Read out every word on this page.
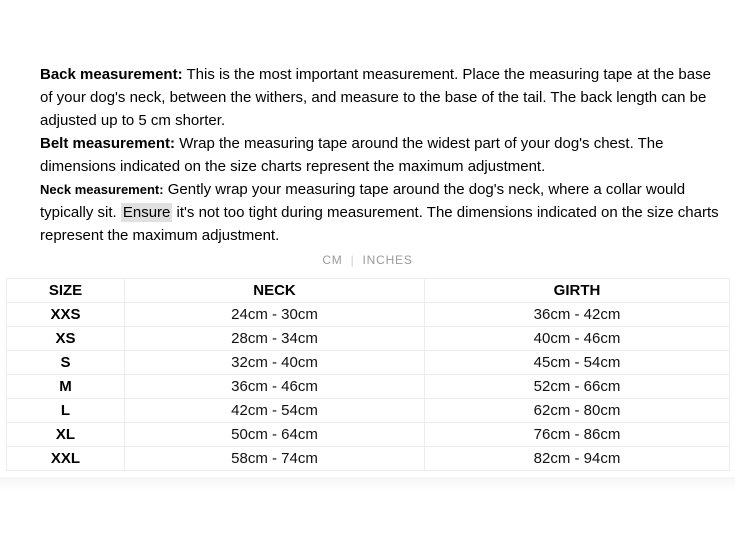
Back measurement: This is the most important measurement. Place the measuring tape at the base of your dog's neck, between the withers, and measure to the base of the tail. The back length can be adjusted up to 5 cm shorter.

Belt measurement: Wrap the measuring tape around the widest part of your dog's chest. The dimensions indicated on the size charts represent the maximum adjustment.

Neck measurement: Gently wrap your measuring tape around the dog's neck, where a collar would typically sit. Ensure it's not too tight during measurement. The dimensions indicated on the size charts represent the maximum adjustment.

CM | INCHES
SIZE	NECK	GIRTH
XXS	24cm - 30cm	36cm - 42cm
XS	28cm - 34cm	40cm - 46cm
S	32cm - 40cm	45cm - 54cm
M	36cm - 46cm	52cm - 66cm
L	42cm - 54cm	62cm - 80cm
XL	50cm - 64cm	76cm - 86cm
XXL	58cm - 74cm	82cm - 94cm
